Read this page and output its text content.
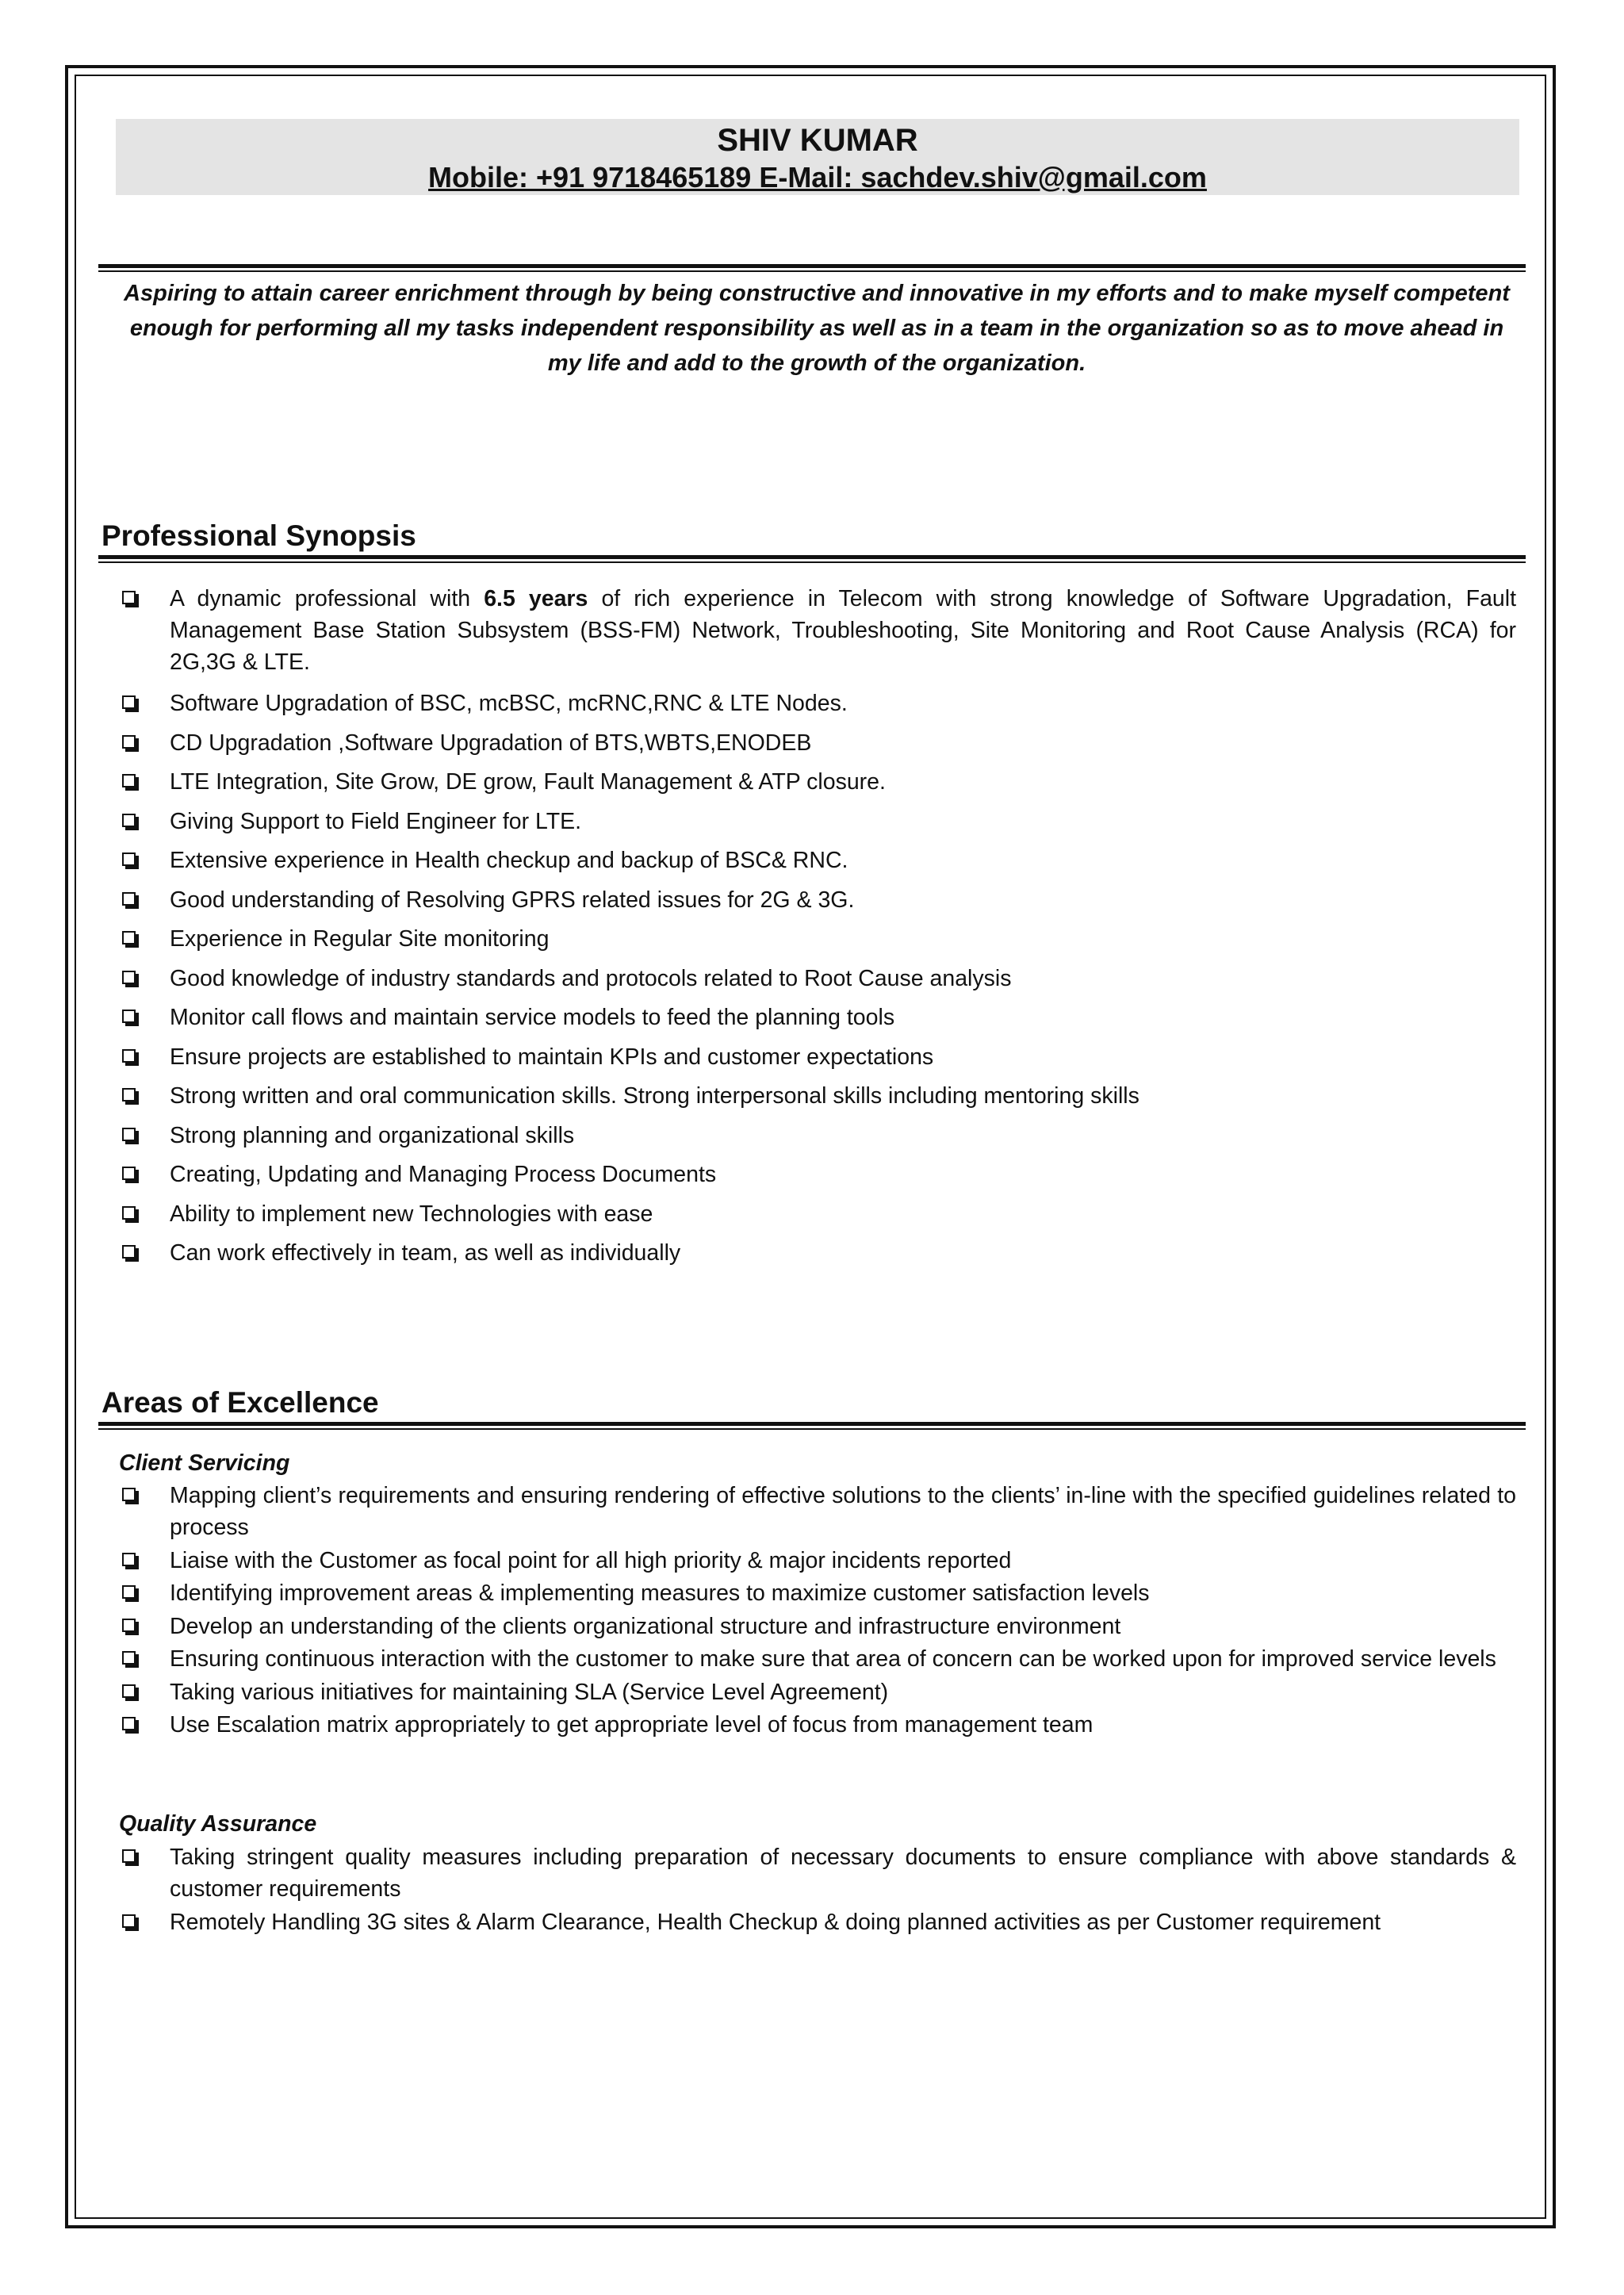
SHIV KUMAR
Mobile: +91 9718465189 E-Mail: sachdev.shiv@gmail.com
Aspiring to attain career enrichment through by being constructive and innovative in my efforts and to make myself competent enough for performing all my tasks independent responsibility as well as in a team in the organization so as to move ahead in my life and add to the growth of the organization.
Professional Synopsis
A dynamic professional with 6.5 years of rich experience in Telecom with strong knowledge of Software Upgradation, Fault Management Base Station Subsystem (BSS-FM) Network, Troubleshooting, Site Monitoring and Root Cause Analysis (RCA) for 2G,3G & LTE.
Software Upgradation of BSC, mcBSC, mcRNC,RNC & LTE Nodes.
CD Upgradation ,Software Upgradation of BTS,WBTS,ENODEB
LTE Integration, Site Grow, DE grow, Fault Management & ATP closure.
Giving Support to Field Engineer for LTE.
Extensive experience in Health checkup and backup of BSC& RNC.
Good understanding of Resolving GPRS related issues for 2G & 3G.
Experience in Regular Site monitoring
Good knowledge of industry standards and protocols related to Root Cause analysis
Monitor call flows and maintain service models to feed the planning tools
Ensure projects are established to maintain KPIs and customer expectations
Strong written and oral communication skills. Strong interpersonal skills including mentoring skills
Strong planning and organizational skills
Creating, Updating and Managing Process Documents
Ability to implement new Technologies with ease
Can work effectively in team, as well as individually
Areas of Excellence
Client Servicing
Mapping client’s requirements and ensuring rendering of effective solutions to the clients’ in-line with the specified guidelines related to process
Liaise with the Customer as focal point for all high priority & major incidents reported
Identifying improvement areas & implementing measures to maximize customer satisfaction levels
Develop an understanding of the clients organizational structure and infrastructure environment
Ensuring continuous interaction with the customer to make sure that area of concern can be worked upon for improved service levels
Taking various initiatives for maintaining SLA (Service Level Agreement)
Use Escalation matrix appropriately to get appropriate level of focus from management team
Quality Assurance
Taking stringent quality measures including preparation of necessary documents to ensure compliance with above standards & customer requirements
Remotely Handling 3G sites & Alarm Clearance, Health Checkup & doing planned activities as per Customer requirement
